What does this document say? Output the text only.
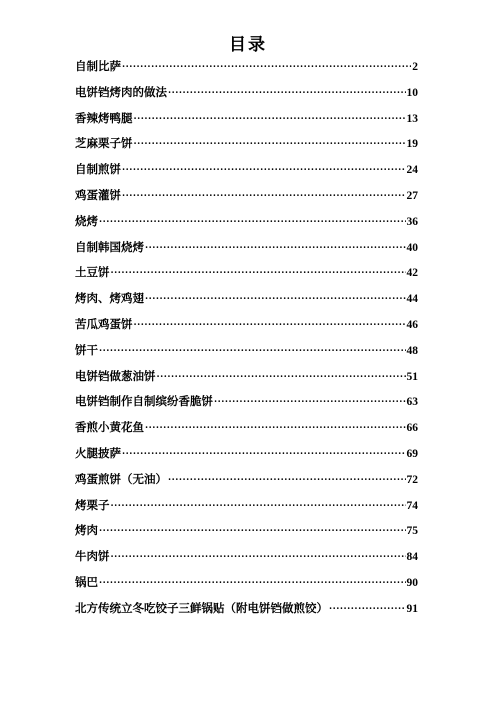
目录
自制比萨 .....	2
电饼铛烤肉的做法 .....	10
香辣烤鸭腿 .....	13
芝麻栗子饼 .....	19
自制煎饼 .....	24
鸡蛋灌饼 .....	27
烧烤 .....	36
自制韩国烧烤 .....	40
土豆饼 .....	42
烤肉、烤鸡翅 .....	44
苦瓜鸡蛋饼 .....	46
饼干 .....	48
电饼铛做葱油饼 .....	51
电饼铛制作自制缤纷香脆饼 .....	63
香煎小黄花鱼 .....	66
火腿披萨 .....	69
鸡蛋煎饼（无油） .....	72
烤栗子 .....	74
烤肉 .....	75
牛肉饼 .....	84
锅巴 .....	90
北方传统立冬吃饺子三鲜锅贴（附电饼铛做煎饺） .....	91
